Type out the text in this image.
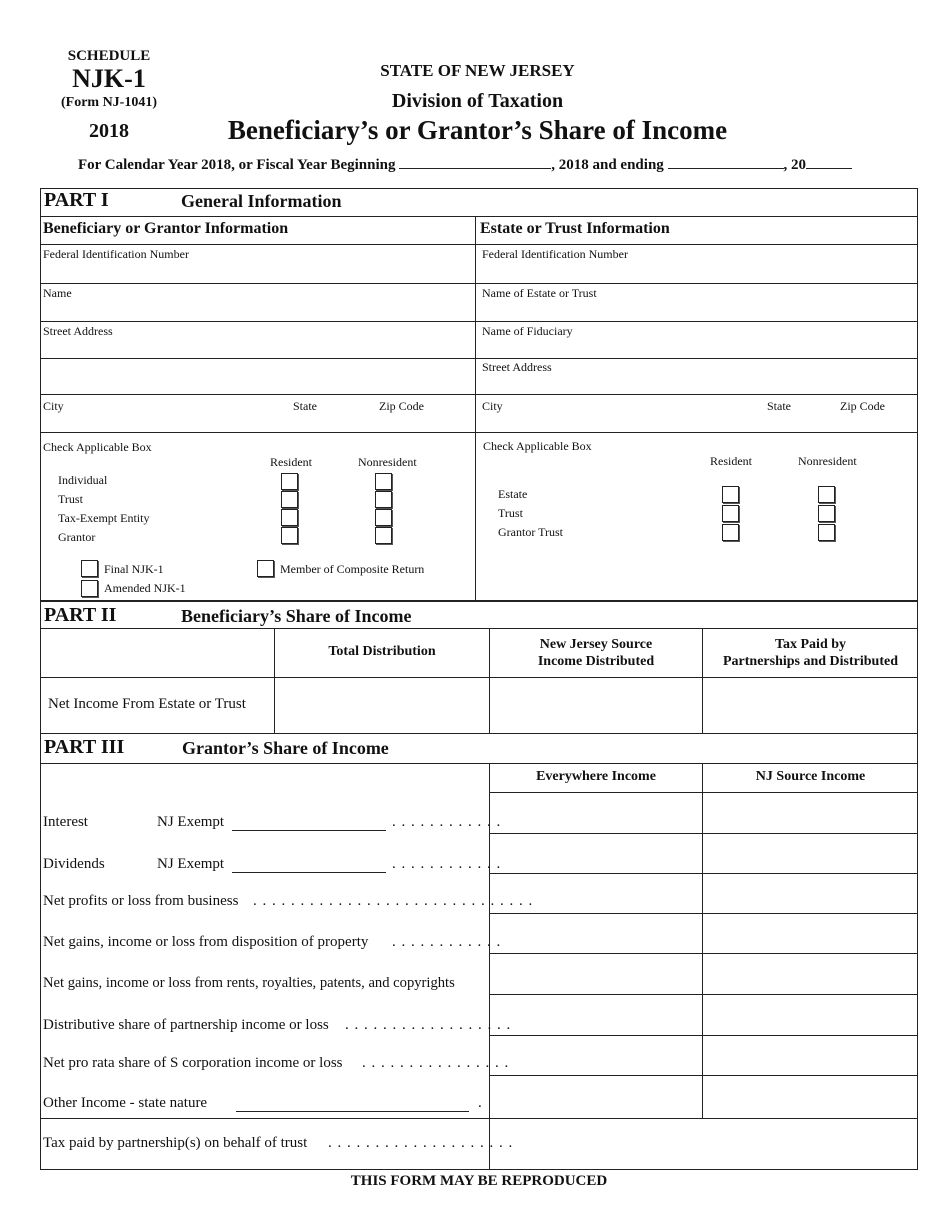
SCHEDULE
NJK-1
(Form NJ-1041)
2018
STATE OF NEW JERSEY
Division of Taxation
Beneficiary’s or Grantor’s Share of Income
For Calendar Year 2018, or Fiscal Year Beginning	, 2018 and ending	, 20
PART I	General Information
Beneficiary or Grantor Information	Estate or Trust Information
Federal Identification Number
Name
Street Address
City	State	Zip Code
Federal Identification Number
Name of Estate or Trust
Name of Fiduciary
Street Address
City	State	Zip Code
Check Applicable Box
Resident	Nonresident
Individual
Trust
Tax-Exempt Entity
Grantor
Final NJK-1
Amended NJK-1
Member of Composite Return
Check Applicable Box
Resident	Nonresident
Estate
Trust
Grantor Trust
PART II	Beneficiary’s Share of Income
Total Distribution	New Jersey Source
Income Distributed
Tax Paid by
Partnerships and Distributed
Net Income From Estate or Trust
PART III	Grantor’s Share of Income
Everywhere Income	NJ Source Income
Interest	NJ Exempt	. . . . . . . . . . . .
Dividends	NJ Exempt	. . . . . . . . . . . .
Net profits or loss from business . . . . . . . . . . . . . . . . . . . . . . . . . . . . . .
Net gains, income or loss from disposition of property . . . . . . . . . . . .
Net gains, income or loss from rents, royalties, patents, and copyrights
Distributive share of partnership income or loss . . . . . . . . . . . . . . . . . .
Net pro rata share of S corporation income or loss . . . . . . . . . . . . . . . .
Other Income - state nature	.
Tax paid by partnership(s) on behalf of trust . . . . . . . . . . . . . . . . . . . .
THIS FORM MAY BE REPRODUCED
